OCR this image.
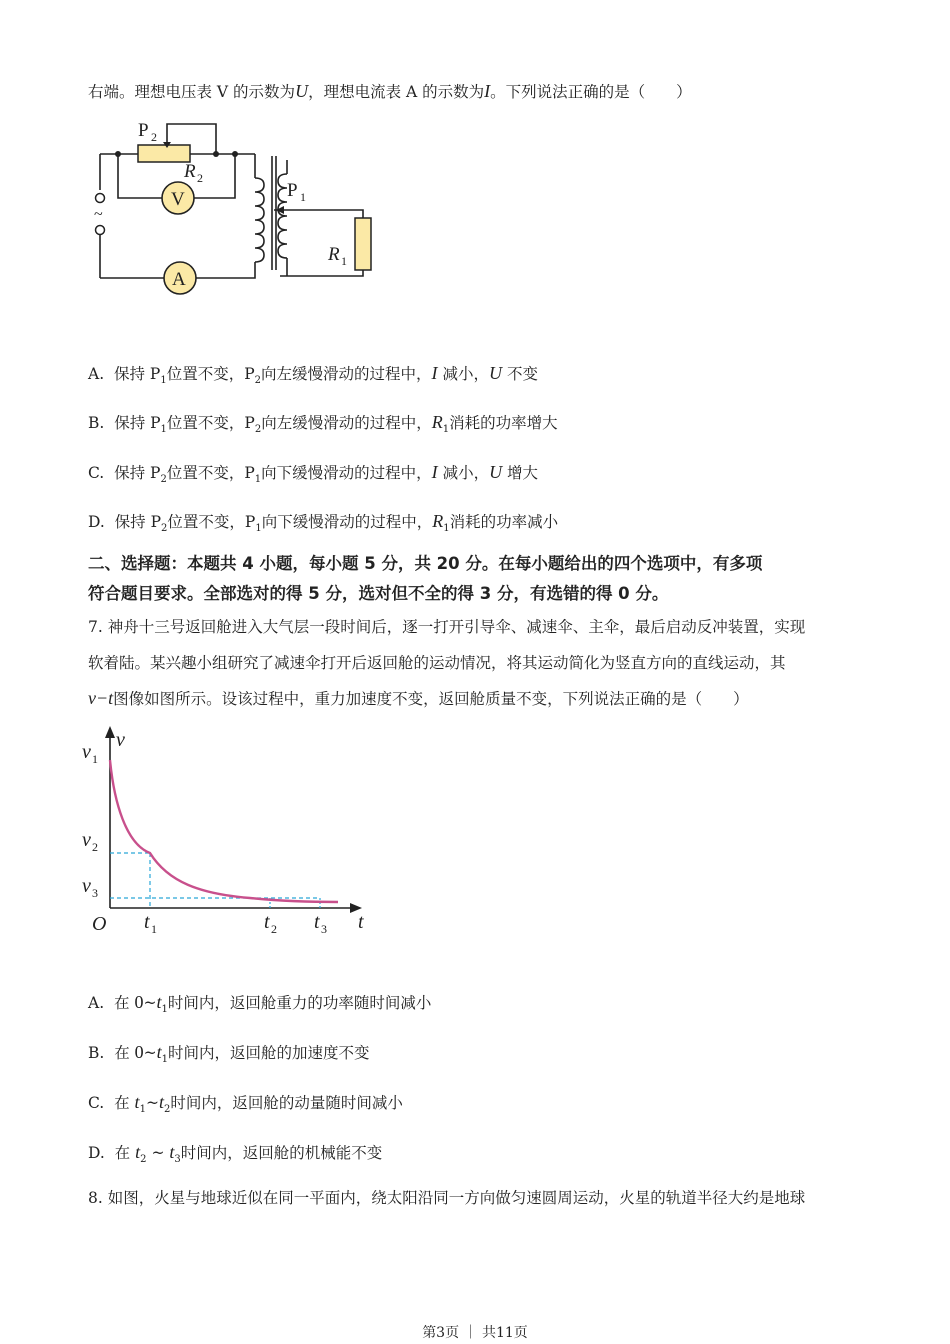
右端。理想电压表 V 的示数为U，理想电流表 A 的示数为I。下列说法正确的是（　　）
~
V
A
P 2
R 2
P 1
R 1
A. 保持 $P_1$位置不变，$P_2$向左缓慢滑动的过程中，I 减小，U 不变
B. 保持 $P_1$位置不变，$P_2$向左缓慢滑动的过程中，$R_1$消耗的功率增大
C. 保持 $P_2$位置不变，$P_1$向下缓慢滑动的过程中，I 减小，U 增大
D. 保持 $P_2$位置不变，$P_1$向下缓慢滑动的过程中，$R_1$消耗的功率减小
二、选择题：本题共 4 小题，每小题 5 分，共 20 分。在每小题给出的四个选项中，有多项
符合题目要求。全部选对的得 5 分，选对但不全的得 3 分，有选错的得 0 分。
7. 神舟十三号返回舱进入大气层一段时间后，逐一打开引导伞、减速伞、主伞，最后启动反冲装置，实现
软着陆。某兴趣小组研究了减速伞打开后返回舱的运动情况，将其运动简化为竖直方向的直线运动，其
v−t图像如图所示。设该过程中，重力加速度不变，返回舱质量不变，下列说法正确的是（　　）
v 1
v 2
v 3
v
O t 1	t 2 t 3 t
A. 在 $0\sim t_1$时间内，返回舱重力的功率随时间减小
B. 在 $0\sim t_1$时间内，返回舱的加速度不变
C. 在 $t_1\sim t_2$时间内，返回舱的动量随时间减小
D. 在 $t_2$ ~ $t_3$时间内，返回舱的机械能不变
8. 如图，火星与地球近似在同一平面内，绕太阳沿同一方向做匀速圆周运动，火星的轨道半径大约是地球
第3页 ｜ 共11页
